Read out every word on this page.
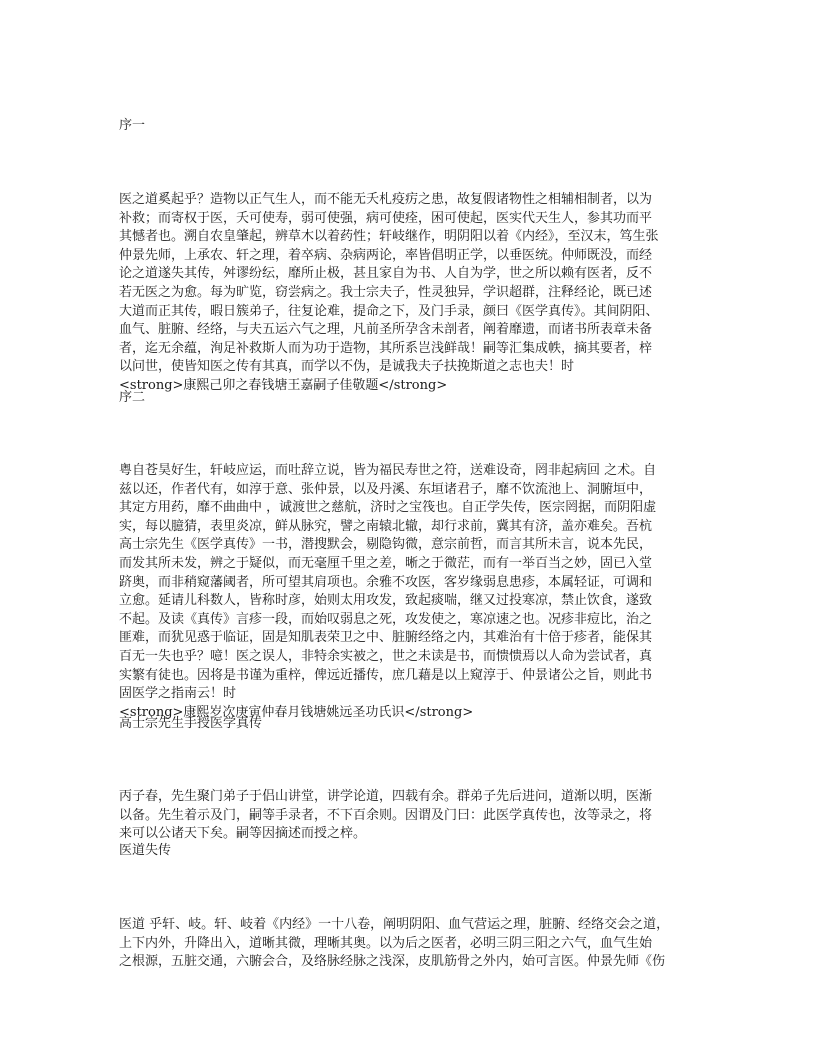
序一
医之道奚起乎？造物以正气生人，而不能无夭札疫疠之患，故复假诸物性之相辅相制者，以为
补救；而寄权于医，夭可使寿，弱可使强，病可使痊，困可使起，医实代天生人，参其功而平
其憾者也。溯自农皇肇起，辨草木以着药性；轩岐继作，明阴阳以着《内经》，至汉末，笃生张
仲景先师，上承农、轩之理，着卒病、杂病两论，率皆倡明正学，以垂医统。仲师既没，而经
论之道遂失其传，舛谬纷纭，靡所止极，甚且家自为书、人自为学，世之所以赖有医者，反不
若无医之为愈。每为旷览，窃尝病之。我士宗夫子，性灵独异，学识超群，注释经论，既已述
大道而正其传，暇日簇弟子，往复论难，提命之下，及门手录，颜曰《医学真传》。其间阴阳、
血气、脏腑、经络，与夫五运六气之理，凡前圣所孕含未剖者，阐着靡遗，而诸书所表章未备
者，迄无余蕴，洵足补救斯人而为功于造物，其所系岂浅鲜哉！嗣等汇集成帙，摘其要者，梓
以问世，使皆知医之传有其真，而学以不伪，是诚我夫子扶挽斯道之志也夫！时
<strong>康熙己卯之春钱塘王嘉嗣子佳敬题</strong>
序二
粤自苍昊好生，轩岐应运，而吐辞立说，皆为福民寿世之符，送难设奇，罔非起病回 之术。自
兹以还，作者代有，如淳于意、张仲景，以及丹溪、东垣诸君子，靡不饮流池上、洞腑垣中，
其定方用药，靡不曲曲中 ，诚渡世之慈航，济时之宝筏也。自正学失传，医宗罔据，而阴阳虚
实，每以臆猜，表里炎凉，鲜从脉究，譬之南辕北辙，却行求前，冀其有济，盖亦难矣。吾杭
高士宗先生《医学真传》一书，潜搜默会，剔隐钩微，意宗前哲，而言其所未言，说本先民，
而发其所未发，辨之于疑似，而无毫厘千里之差，晰之于微茫，而有一举百当之妙，固已入堂
跻奥，而非稍窥藩阈者，所可望其肩项也。余雅不攻医，客岁缘弱息患疹，本属轻证，可调和
立愈。延请儿科数人，皆称时彦，始则太用攻发，致起痰喘，继又过投寒凉，禁止饮食，遂致
不起。及读《真传》言疹一段，而始叹弱息之死，攻发使之，寒凉速之也。况疹非痘比，治之
匪难，而犹见惑于临证，固是知肌表荣卫之中、脏腑经络之内，其难治有十倍于疹者，能保其
百无一失也乎？噫！医之误人，非特余实被之，世之未读是书，而愦愦焉以人命为尝试者，真
实繁有徒也。因将是书谨为重梓，俾远近播传，庶几藉是以上窥淳于、仲景诸公之旨，则此书
固医学之指南云！时
<strong>康熙岁次庚寅仲春月钱塘姚远圣功氏识</strong>
高士宗先生手授医学真传
丙子春，先生聚门弟子于侣山讲堂，讲学论道，四载有余。群弟子先后进问，道渐以明，医渐
以备。先生着示及门，嗣等手录者，不下百余则。因谓及门曰：此医学真传也，汝等录之，将
来可以公诸天下矣。嗣等因摘述而授之梓。
医道失传
医道 乎轩、岐。轩、岐着《内经》一十八卷，阐明阴阳、血气营运之理，脏腑、经络交会之道，
上下内外，升降出入，道晰其微，理晰其奥。以为后之医者，必明三阴三阳之六气，血气生始
之根源，五脏交通，六腑会合，及络脉经脉之浅深，皮肌筋骨之外内，始可言医。仲景先师《伤
